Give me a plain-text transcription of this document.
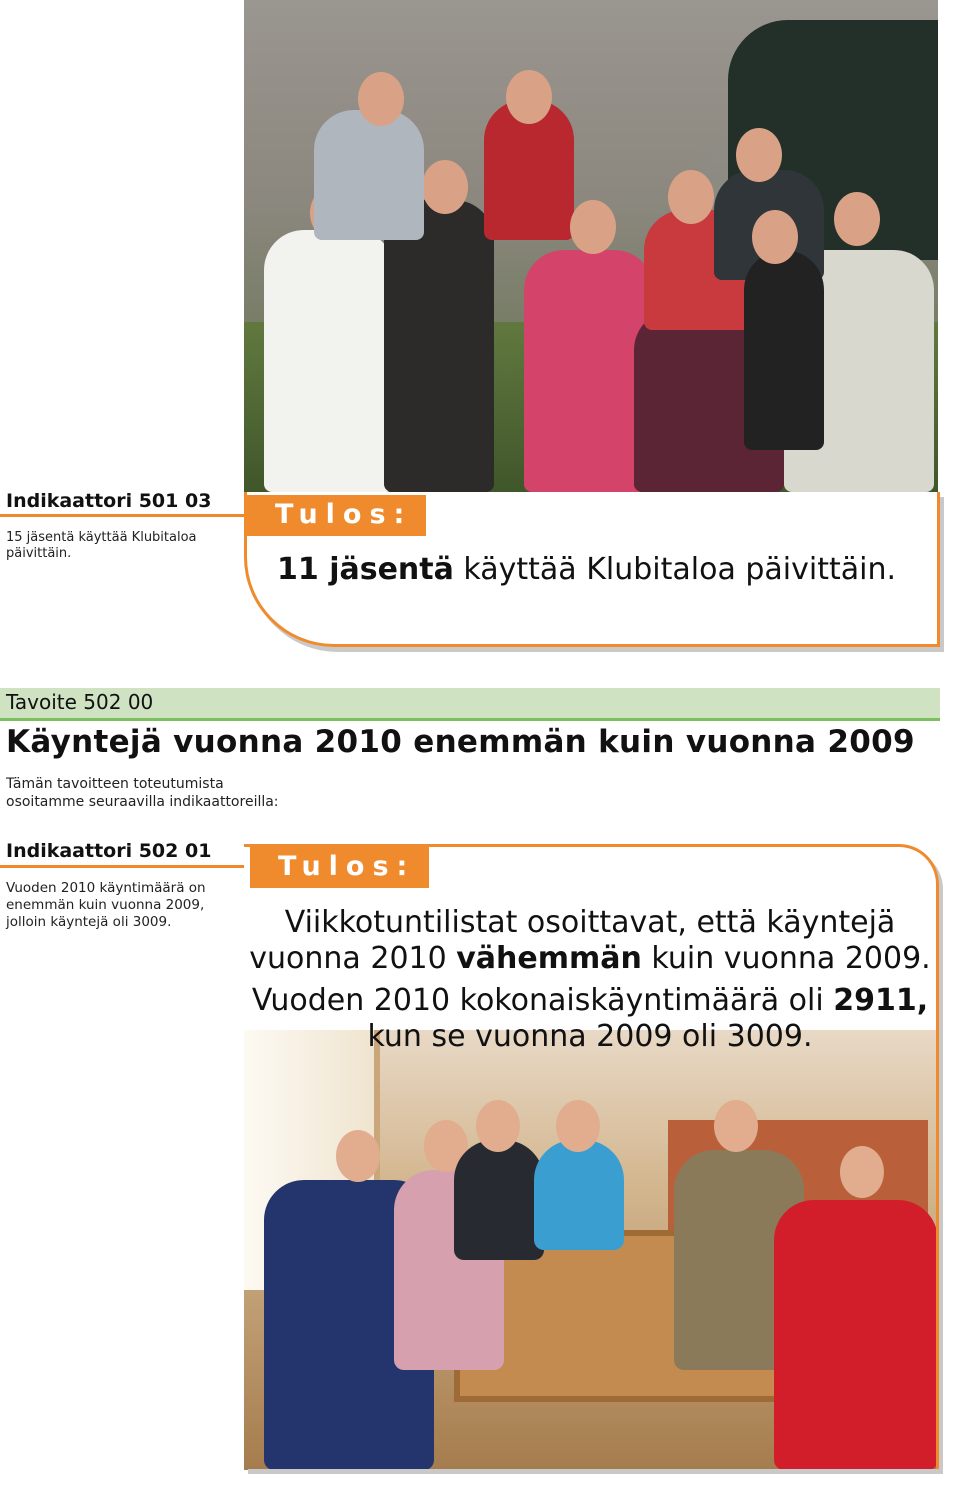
Indikaattori 501 03
15 jäsentä käyttää Klubitaloa
päivittäin.
Tulos:
11 jäsentä käyttää Klubitaloa päivittäin.
Tavoite 502 00
Käyntejä vuonna 2010 enemmän kuin vuonna 2009
Tämän tavoitteen toteutumista
osoitamme seuraavilla indikaattoreilla:
Indikaattori 502 01
Vuoden 2010 käyntimäärä on
enemmän kuin vuonna 2009,
jolloin käyntejä oli 3009.
Tulos:
Viikkotuntilistat osoittavat, että käyntejä
vuonna 2010 vähemmän kuin vuonna 2009.
Vuoden 2010 kokonaiskäyntimäärä oli 2911,
kun se vuonna 2009 oli 3009.
